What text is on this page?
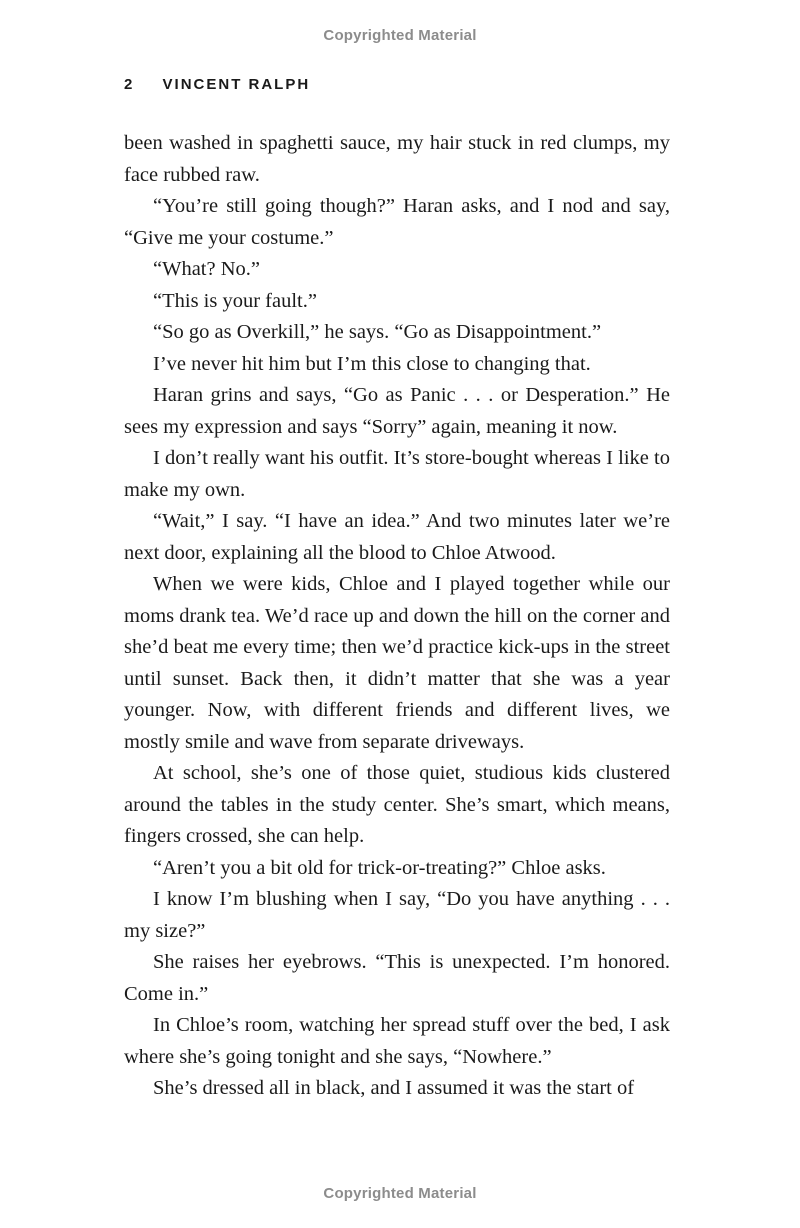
Copyrighted Material
2 VINCENT RALPH

been washed in spaghetti sauce, my hair stuck in red clumps, my face rubbed raw.

“You’re still going though?” Haran asks, and I nod and say, “Give me your costume.”

“What? No.”

“This is your fault.”

“So go as Overkill,” he says. “Go as Disappointment.”

I’ve never hit him but I’m this close to changing that.

Haran grins and says, “Go as Panic . . . or Desperation.” He sees my expression and says “Sorry” again, meaning it now.

I don’t really want his outfit. It’s store-bought whereas I like to make my own.

“Wait,” I say. “I have an idea.” And two minutes later we’re next door, explaining all the blood to Chloe Atwood.

When we were kids, Chloe and I played together while our moms drank tea. We’d race up and down the hill on the corner and she’d beat me every time; then we’d practice kick-ups in the street until sunset. Back then, it didn’t matter that she was a year younger. Now, with different friends and different lives, we mostly smile and wave from separate driveways.

At school, she’s one of those quiet, studious kids clustered around the tables in the study center. She’s smart, which means, fingers crossed, she can help.

“Aren’t you a bit old for trick-or-treating?” Chloe asks.

I know I’m blushing when I say, “Do you have anything . . . my size?”

She raises her eyebrows. “This is unexpected. I’m honored. Come in.”

In Chloe’s room, watching her spread stuff over the bed, I ask where she’s going tonight and she says, “Nowhere.”

She’s dressed all in black, and I assumed it was the start of

Copyrighted Material
